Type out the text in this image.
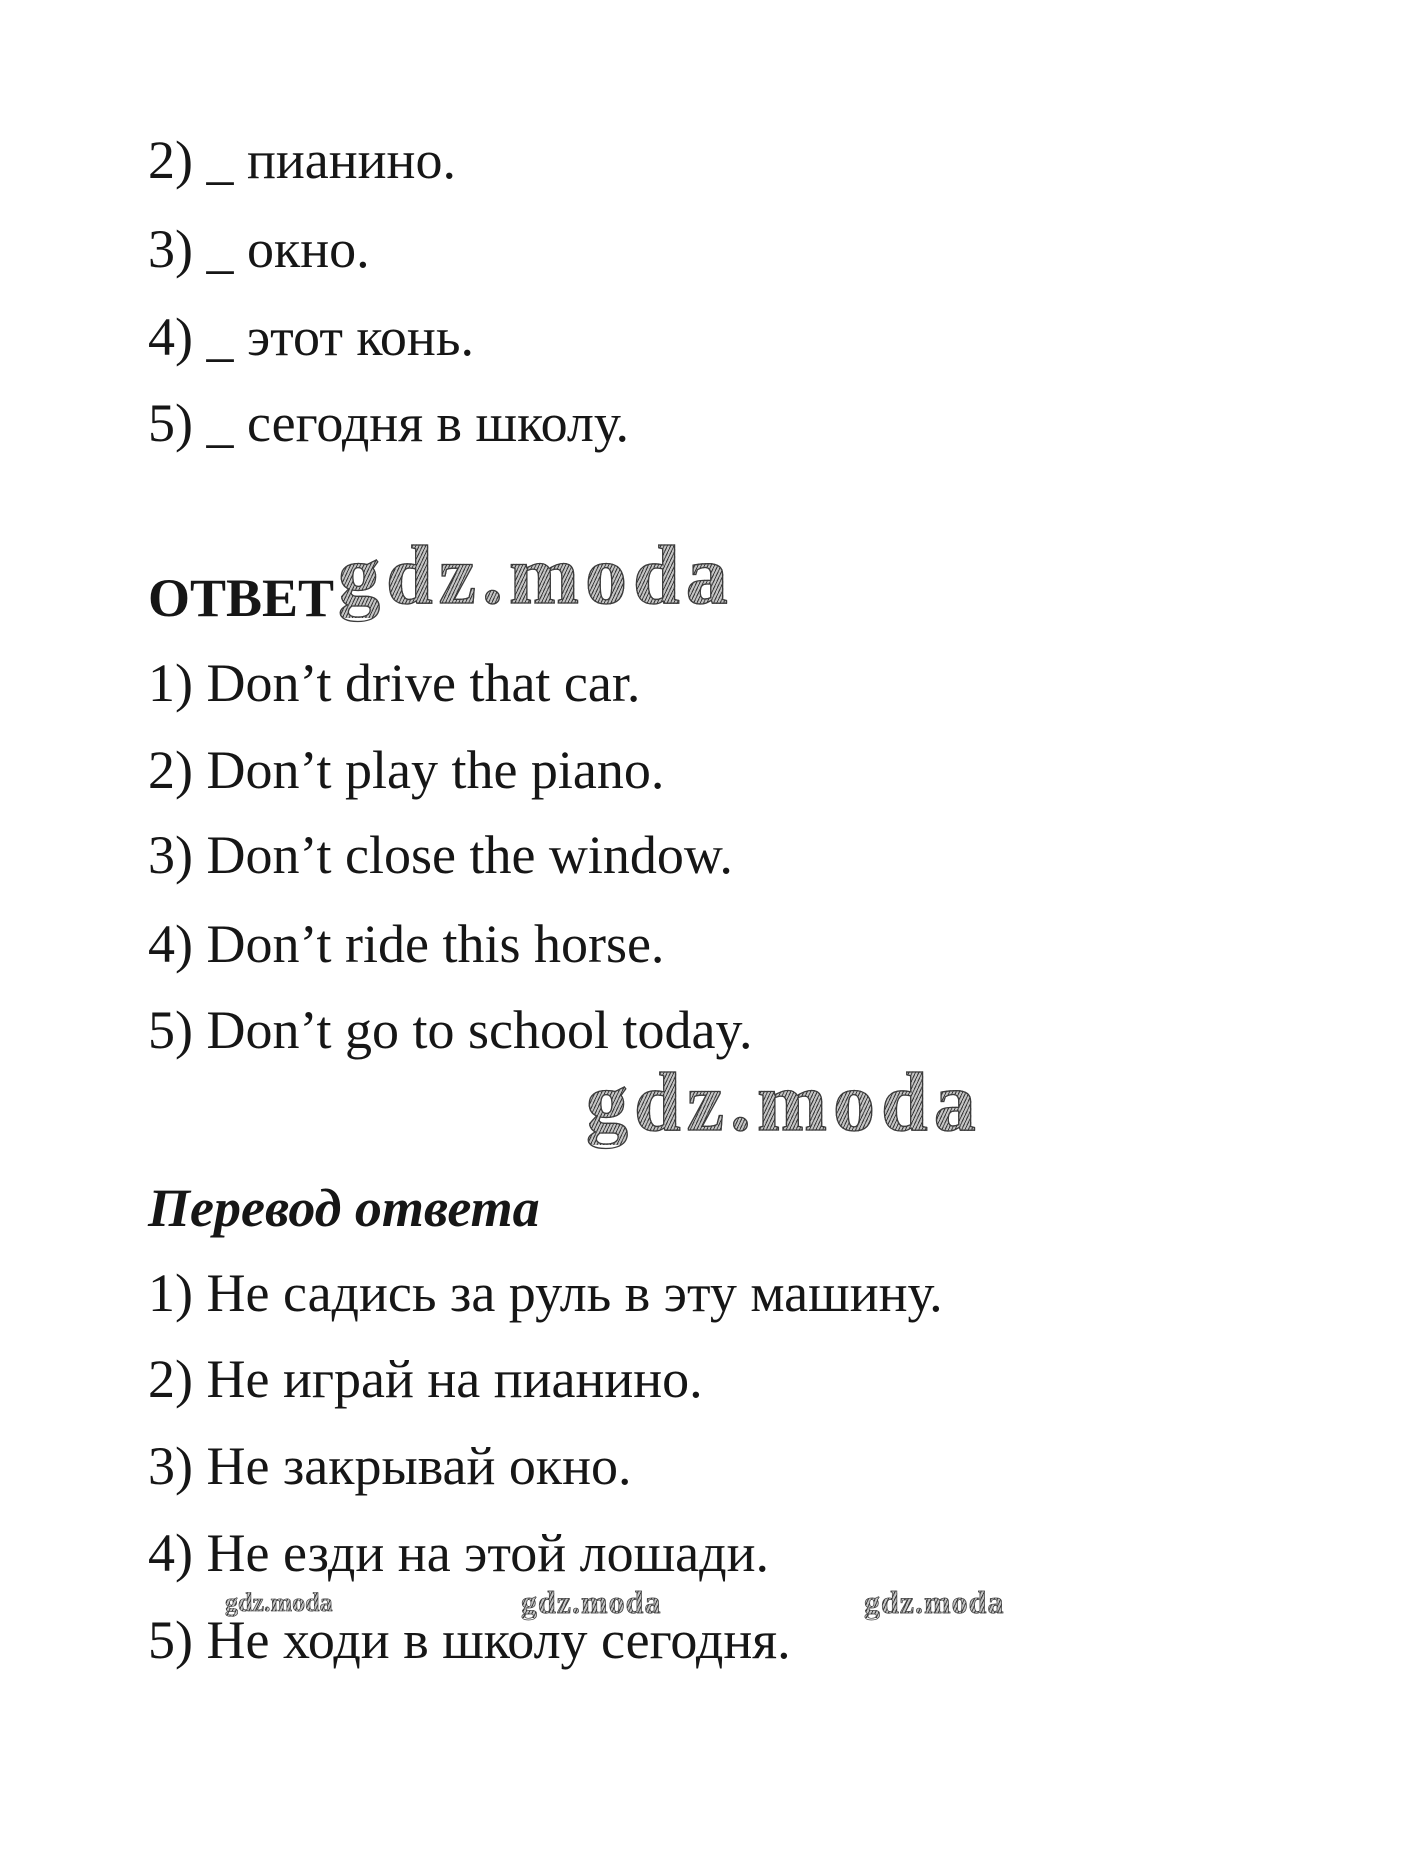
2) _ пианино.
3) _ окно.
4) _ этот конь.
5) _ сегодня в школу.
ОТВЕТ gdz.moda
1) Don’t drive that car.
2) Don’t play the piano.
3) Don’t close the window.
4) Don’t ride this horse.
5) Don’t go to school today.
gdz.moda
Перевод ответа
1) Не садись за руль в эту машину.
2) Не играй на пианино.
3) Не закрывай окно.
4) Не езди на этой лошади.
gdz.moda	gdz.moda	gdz.moda
5) Не ходи в школу сегодня.
